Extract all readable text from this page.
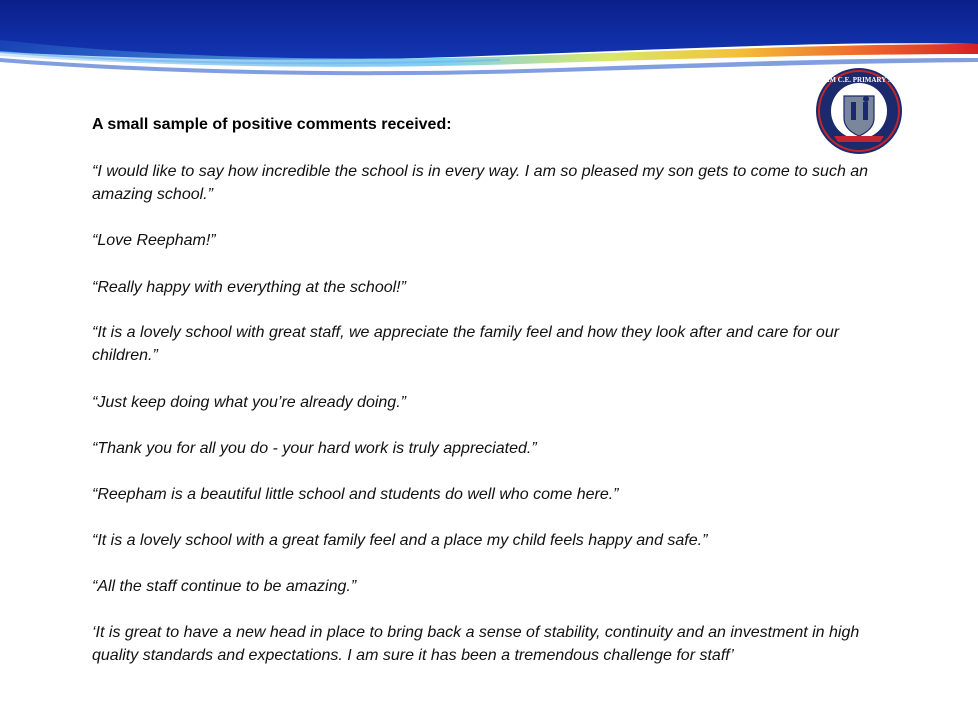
REEPHAM C.E. PRIMARY SCHOOL
A small sample of positive comments received:

“I would like to say how incredible the school is in every way. I am so pleased my son gets to come to such an amazing school.”

“Love Reepham!”

“Really happy with everything at the school!”

“It is a lovely school with great staff, we appreciate the family feel and how they look after and care for our children.”

“Just keep doing what you’re already doing.”

“Thank you for all you do - your hard work is truly appreciated.”

“Reepham is a beautiful little school and students do well who come here.”

“It is a lovely school with a great family feel and a place my child feels happy and safe.”

“All the staff continue to be amazing.”

‘It is great to have a new head in place to bring back a sense of stability, continuity and an investment in high quality standards and expectations. I am sure it has been a tremendous challenge for staff’
